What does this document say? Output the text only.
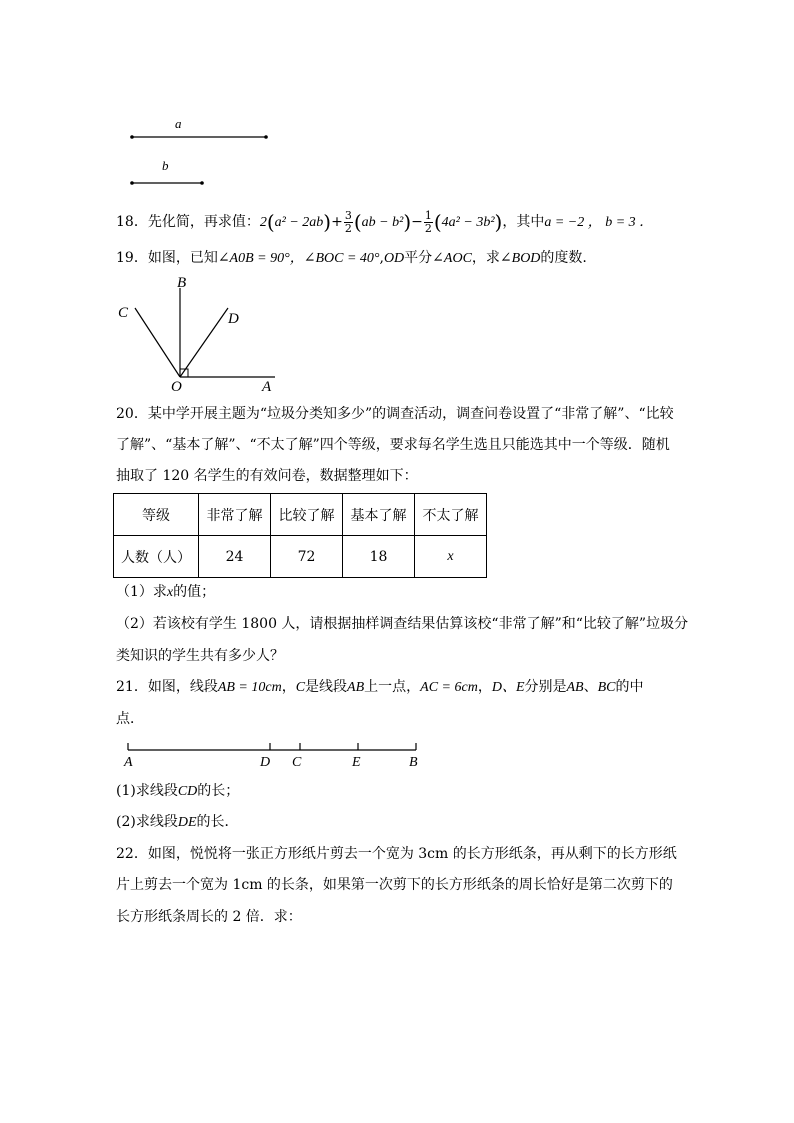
a
b
18．先化简，再求值：$2(a^2 - 2ab)+ \frac{3}{2} (ab - b^2)- \frac{1}{2} (4a^2 - 3b^2)$，其中a = −2 ， b = 3 ．
19．如图，已知∠A0B = 90°，∠BOC = 40°,OD平分∠AOC，求∠BOD的度数.
B
C	D
O	A
20．某中学开展主题为“垃圾分类知多少”的调查活动，调查问卷设置了“非常了解”、“比较
了解”、“基本了解”、“不太了解”四个等级，要求每名学生选且只能选其中一个等级．随机
抽取了 120 名学生的有效问卷，数据整理如下：
等级	非常了解	比较了解	基本了解	不太了解
人数（人）	24	72	18	x
（1）求x的值；
（2）若该校有学生 1800 人，请根据抽样调查结果估算该校“非常了解”和“比较了解”垃圾分
类知识的学生共有多少人？
21．如图，线段AB = 10cm，C是线段AB上一点，AC = 6cm，D、E分别是AB、BC的中
点．
A	D C	E	B
(1)求线段CD的长；
(2)求线段DE的长．
22．如图，悦悦将一张正方形纸片剪去一个宽为 3cm 的长方形纸条，再从剩下的长方形纸
片上剪去一个宽为 1cm 的长条，如果第一次剪下的长方形纸条的周长恰好是第二次剪下的
长方形纸条周长的 2 倍．求：
